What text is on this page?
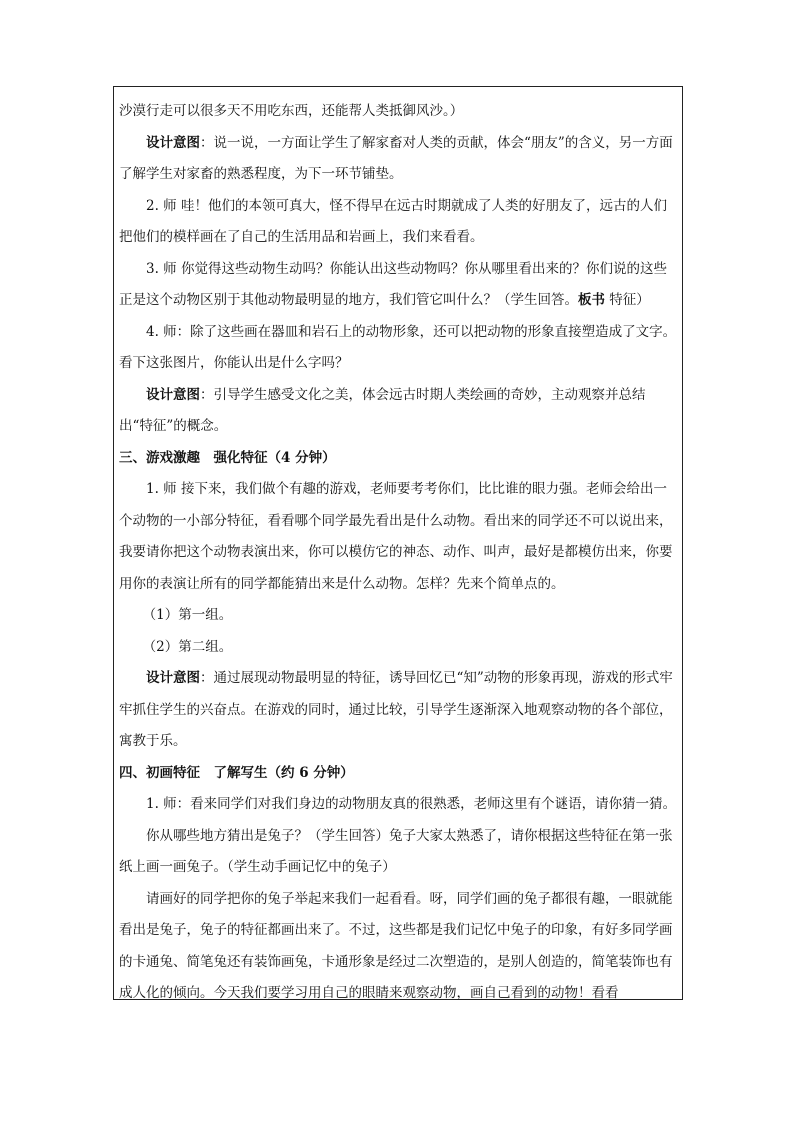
沙漠行走可以很多天不用吃东西，还能帮人类抵御风沙。）

设计意图：说一说，一方面让学生了解家畜对人类的贡献，体会“朋友”的含义，另一方面了解学生对家畜的熟悉程度，为下一环节铺垫。

2. 师 哇！他们的本领可真大，怪不得早在远古时期就成了人类的好朋友了，远古的人们把他们的模样画在了自己的生活用品和岩画上，我们来看看。

3. 师 你觉得这些动物生动吗？你能认出这些动物吗？你从哪里看出来的？你们说的这些正是这个动物区别于其他动物最明显的地方，我们管它叫什么？（学生回答。板书 特征）

4. 师：除了这些画在器皿和岩石上的动物形象，还可以把动物的形象直接塑造成了文字。看下这张图片，你能认出是什么字吗？

设计意图：引导学生感受文化之美，体会远古时期人类绘画的奇妙，主动观察并总结出“特征”的概念。

三、游戏激趣　强化特征（4 分钟）

1. 师 接下来，我们做个有趣的游戏，老师要考考你们，比比谁的眼力强。老师会给出一个动物的一小部分特征，看看哪个同学最先看出是什么动物。看出来的同学还不可以说出来，我要请你把这个动物表演出来，你可以模仿它的神态、动作、叫声，最好是都模仿出来，你要用你的表演让所有的同学都能猜出来是什么动物。怎样？先来个简单点的。

（1）第一组。

（2）第二组。

设计意图：通过展现动物最明显的特征，诱导回忆已“知”动物的形象再现，游戏的形式牢牢抓住学生的兴奋点。在游戏的同时，通过比较，引导学生逐渐深入地观察动物的各个部位，寓教于乐。

四、初画特征　了解写生（约 6 分钟）

1. 师：看来同学们对我们身边的动物朋友真的很熟悉，老师这里有个谜语，请你猜一猜。

你从哪些地方猜出是兔子？（学生回答）兔子大家太熟悉了，请你根据这些特征在第一张纸上画一画兔子。（学生动手画记忆中的兔子）

请画好的同学把你的兔子举起来我们一起看看。呀，同学们画的兔子都很有趣，一眼就能看出是兔子，兔子的特征都画出来了。不过，这些都是我们记忆中兔子的印象，有好多同学画的卡通兔、简笔兔还有装饰画兔，卡通形象是经过二次塑造的，是别人创造的，简笔装饰也有成人化的倾向。今天我们要学习用自己的眼睛来观察动物，画自己看到的动物！看看
